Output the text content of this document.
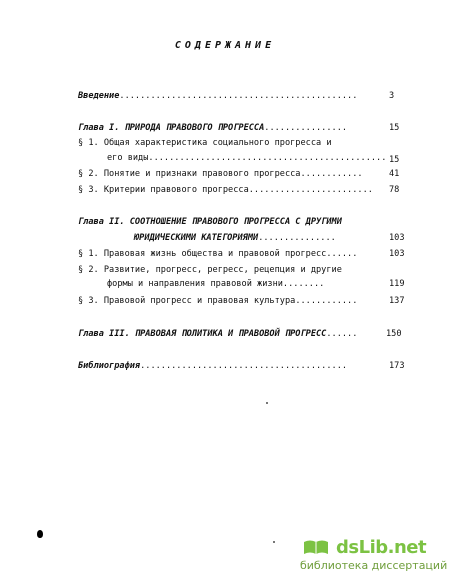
СОДЕРЖАНИЕ
Введение..............................................	3
Глава I. ПРИРОДА ПРАВОВОГО ПРОГРЕССА................	15
§ 1. Общая характеристика социального прогресса и
его виды.............................................. 15
§ 2. Понятие и признаки правового прогресса............	41
§ 3. Критерии правового прогресса........................ 78
Глава II. СООТНОШЕНИЕ ПРАВОВОГО ПРОГРЕССА С ДРУГИМИ
ЮРИДИЧЕСКИМИ КАТЕГОРИЯМИ...............	103
§ 1. Правовая жизнь общества и правовой прогресс......	103
§ 2. Развитие, прогресс, регресс, рецепция и другие
формы и направления правовой жизни........	119
§ 3. Правовой прогресс и правовая культура............	137
Глава III. ПРАВОВАЯ ПОЛИТИКА И ПРАВОВОЙ ПРОГРЕСС......	150
Библиография........................................	173
dsLib.net
библиотека диссертаций
